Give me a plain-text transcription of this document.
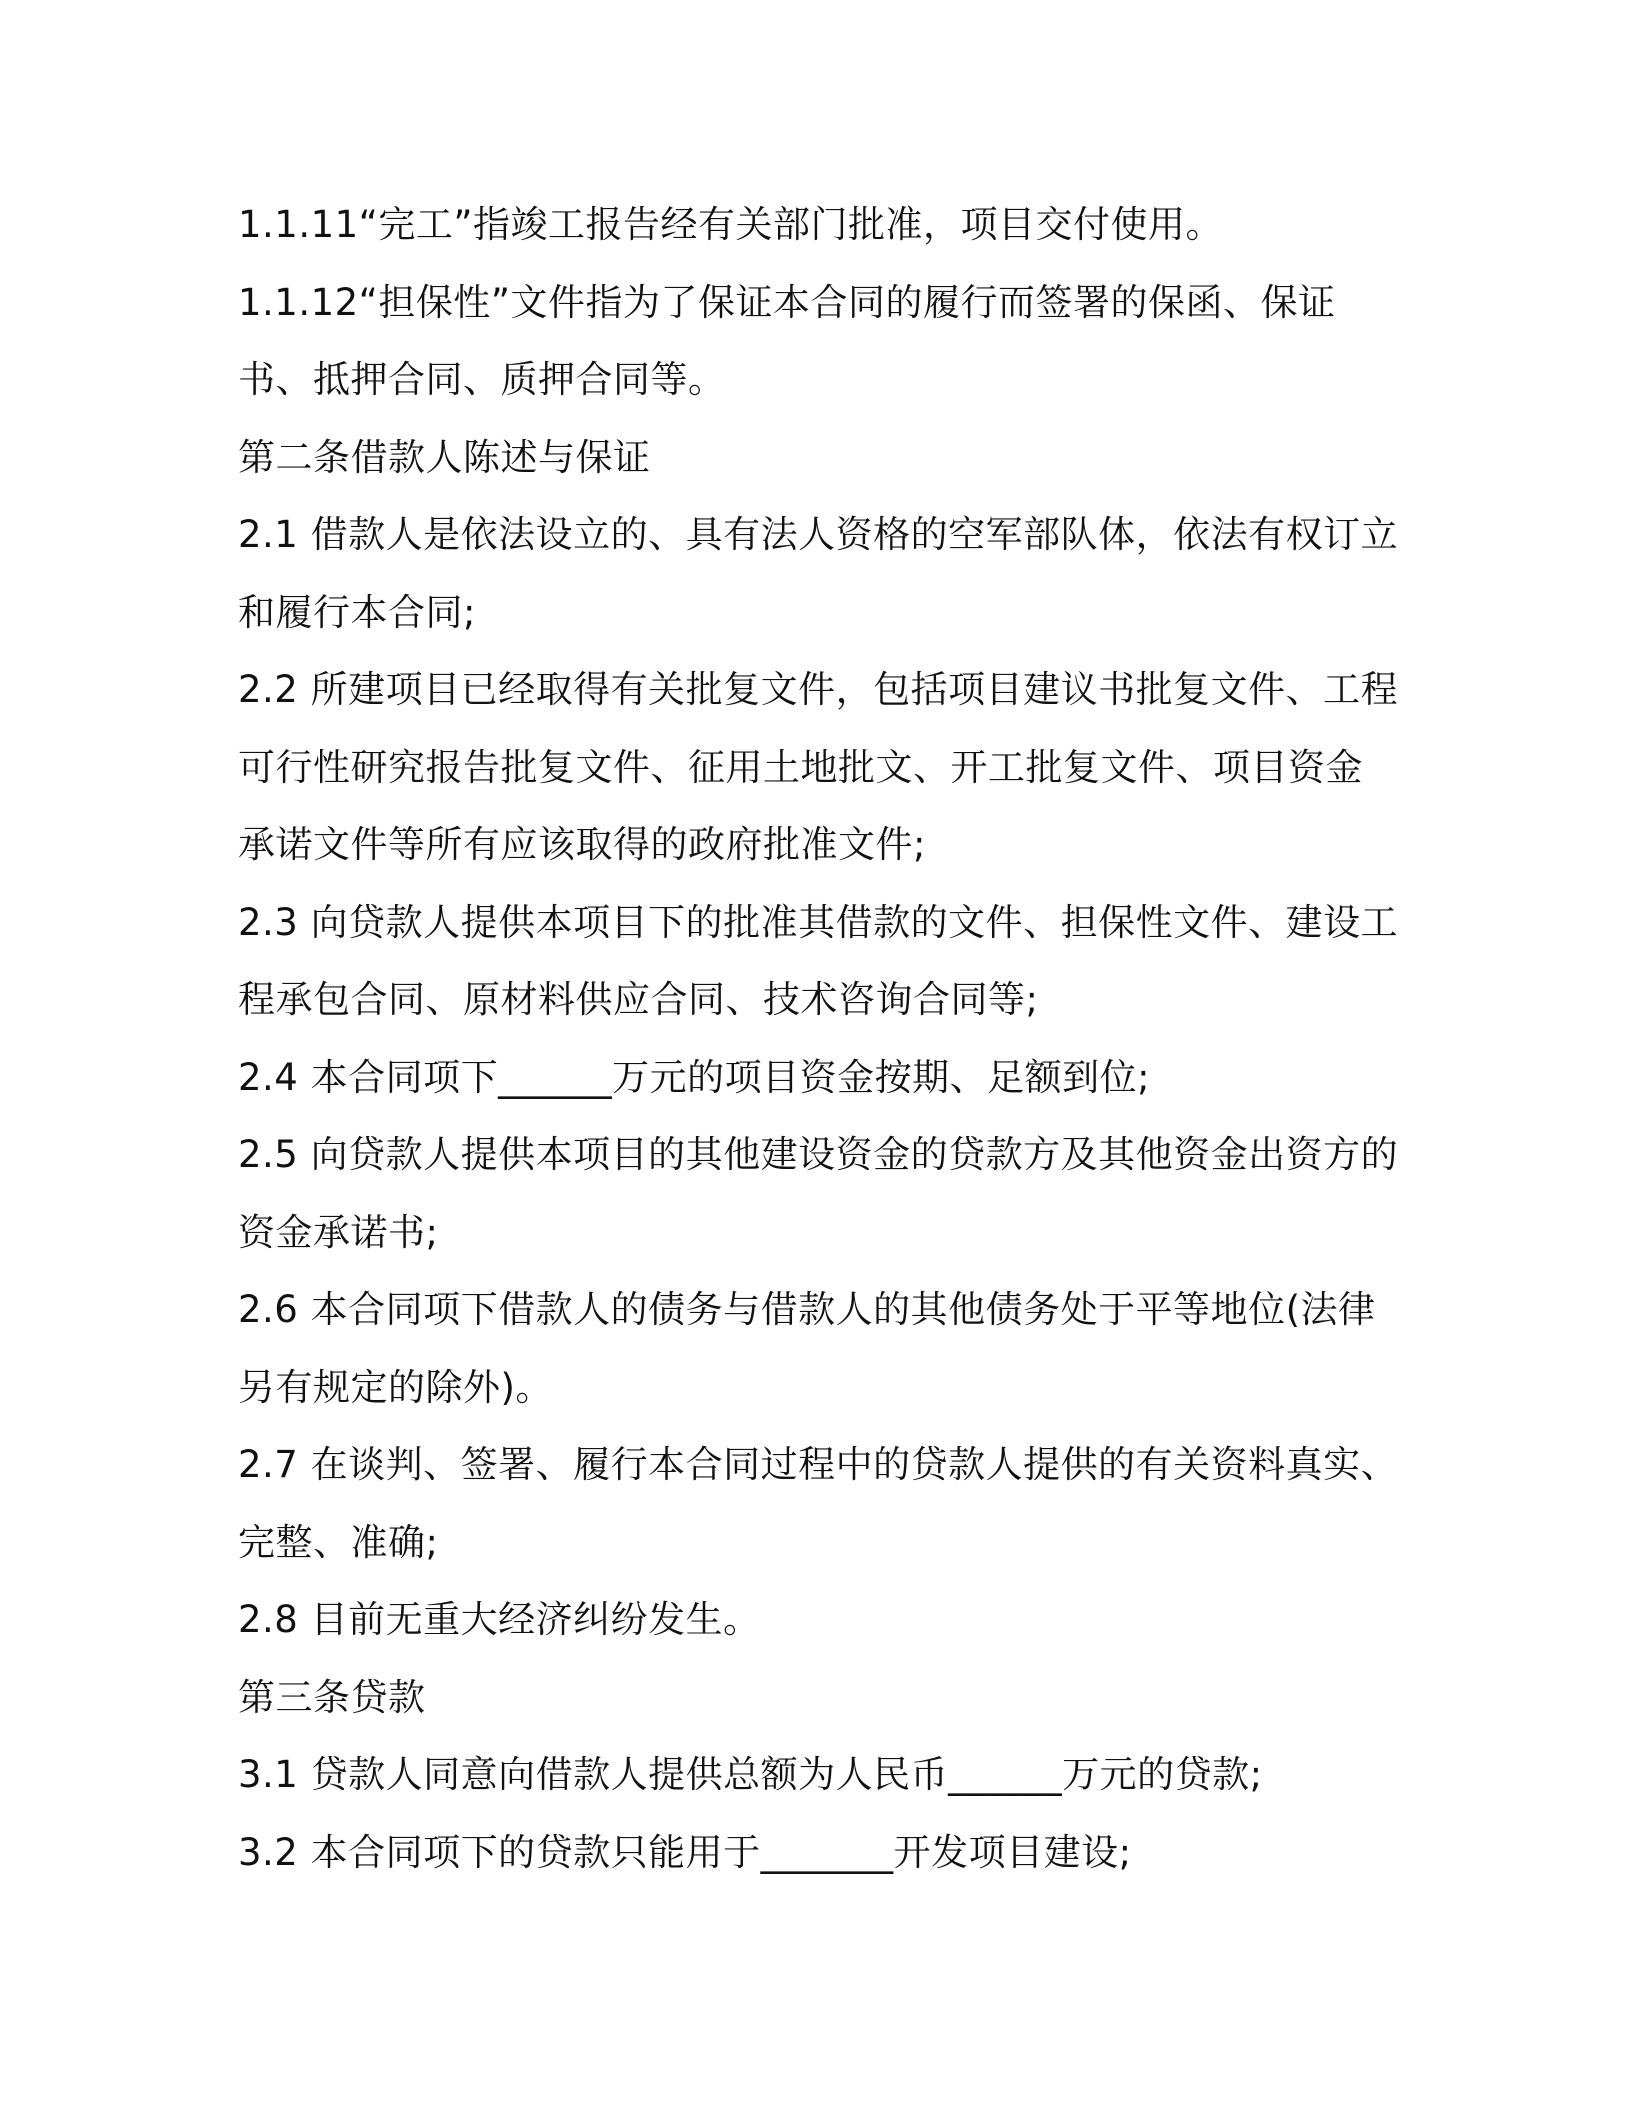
1.1.11“完工”指竣工报告经有关部门批准，项目交付使用。
1.1.12“担保性”文件指为了保证本合同的履行而签署的保函、保证
书、抵押合同、质押合同等。
第二条借款人陈述与保证
2.1 借款人是依法设立的、具有法人资格的空军部队体，依法有权订立
和履行本合同;
2.2 所建项目已经取得有关批复文件，包括项目建议书批复文件、工程
可行性研究报告批复文件、征用土地批文、开工批复文件、项目资金
承诺文件等所有应该取得的政府批准文件;
2.3 向贷款人提供本项目下的批准其借款的文件、担保性文件、建设工
程承包合同、原材料供应合同、技术咨询合同等;
2.4 本合同项下______万元的项目资金按期、足额到位;
2.5 向贷款人提供本项目的其他建设资金的贷款方及其他资金出资方的
资金承诺书;
2.6 本合同项下借款人的债务与借款人的其他债务处于平等地位(法律
另有规定的除外)。
2.7 在谈判、签署、履行本合同过程中的贷款人提供的有关资料真实、
完整、准确;
2.8 目前无重大经济纠纷发生。
第三条贷款
3.1 贷款人同意向借款人提供总额为人民币______万元的贷款;
3.2 本合同项下的贷款只能用于_______开发项目建设;
